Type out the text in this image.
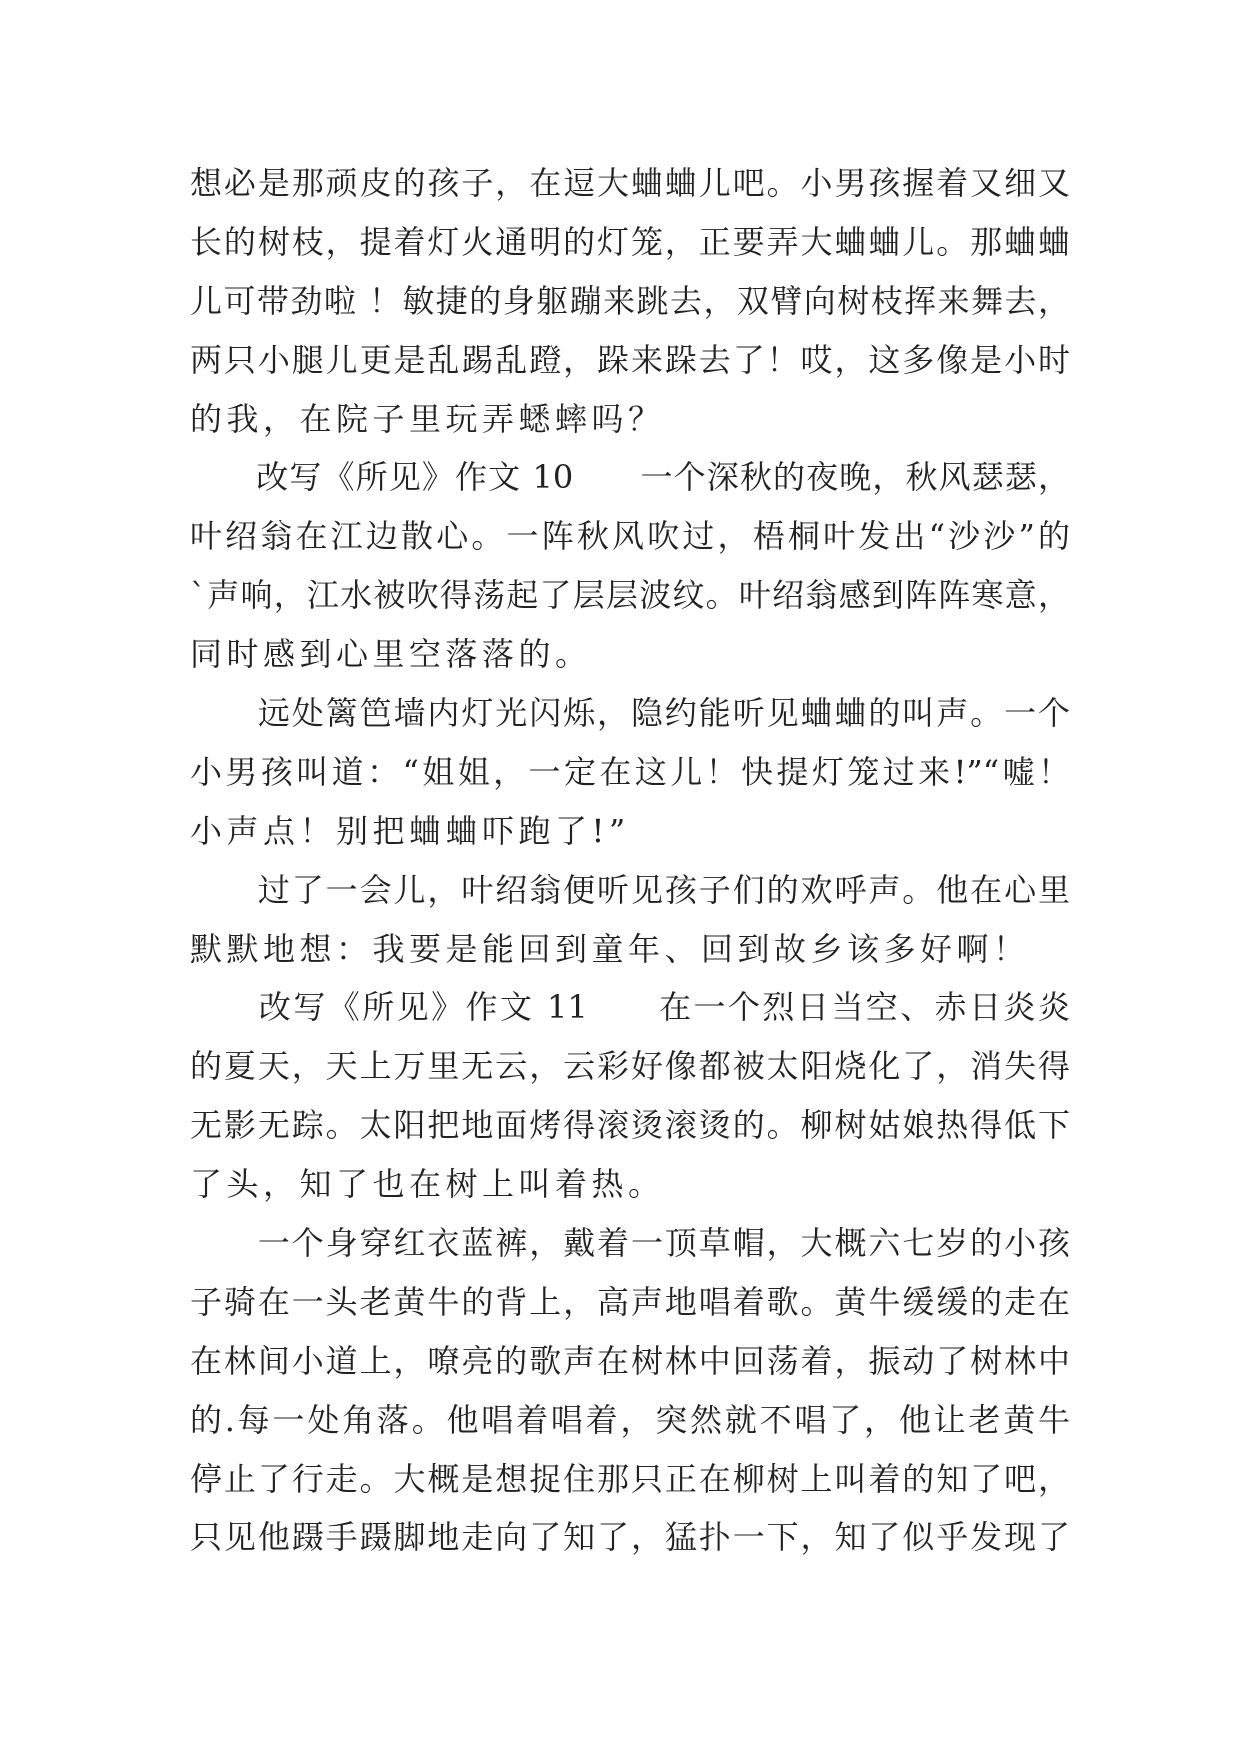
想必是那顽皮的孩子，在逗大蛐蛐儿吧。小男孩握着又细又
长的树枝，提着灯火通明的灯笼，正要弄大蛐蛐儿。那蛐蛐
儿可带劲啦 ！敏捷的身躯蹦来跳去，双臂向树枝挥来舞去，
两只小腿儿更是乱踢乱蹬，跺来跺去了！哎，这多像是小时
的我，在院子里玩弄蟋蟀吗？
　　改写《所见》作文 10　　一个深秋的夜晚，秋风瑟瑟，
叶绍翁在江边散心。一阵秋风吹过，梧桐叶发出“沙沙”的
`声响，江水被吹得荡起了层层波纹。叶绍翁感到阵阵寒意，
同时感到心里空落落的。
　　远处篱笆墙内灯光闪烁，隐约能听见蛐蛐的叫声。一个
小男孩叫道：“姐姐，一定在这儿！快提灯笼过来!”“嘘！
小声点！别把蛐蛐吓跑了!”
　　过了一会儿，叶绍翁便听见孩子们的欢呼声。他在心里
默默地想：我要是能回到童年、回到故乡该多好啊！
　　改写《所见》作文 11　　在一个烈日当空、赤日炎炎
的夏天，天上万里无云，云彩好像都被太阳烧化了，消失得
无影无踪。太阳把地面烤得滚烫滚烫的。柳树姑娘热得低下
了头，知了也在树上叫着热。
　　一个身穿红衣蓝裤，戴着一顶草帽，大概六七岁的小孩
子骑在一头老黄牛的背上，高声地唱着歌。黄牛缓缓的走在
在林间小道上，嘹亮的歌声在树林中回荡着，振动了树林中
的.每一处角落。他唱着唱着，突然就不唱了，他让老黄牛
停止了行走。大概是想捉住那只正在柳树上叫着的知了吧，
只见他蹑手蹑脚地走向了知了，猛扑一下，知了似乎发现了
